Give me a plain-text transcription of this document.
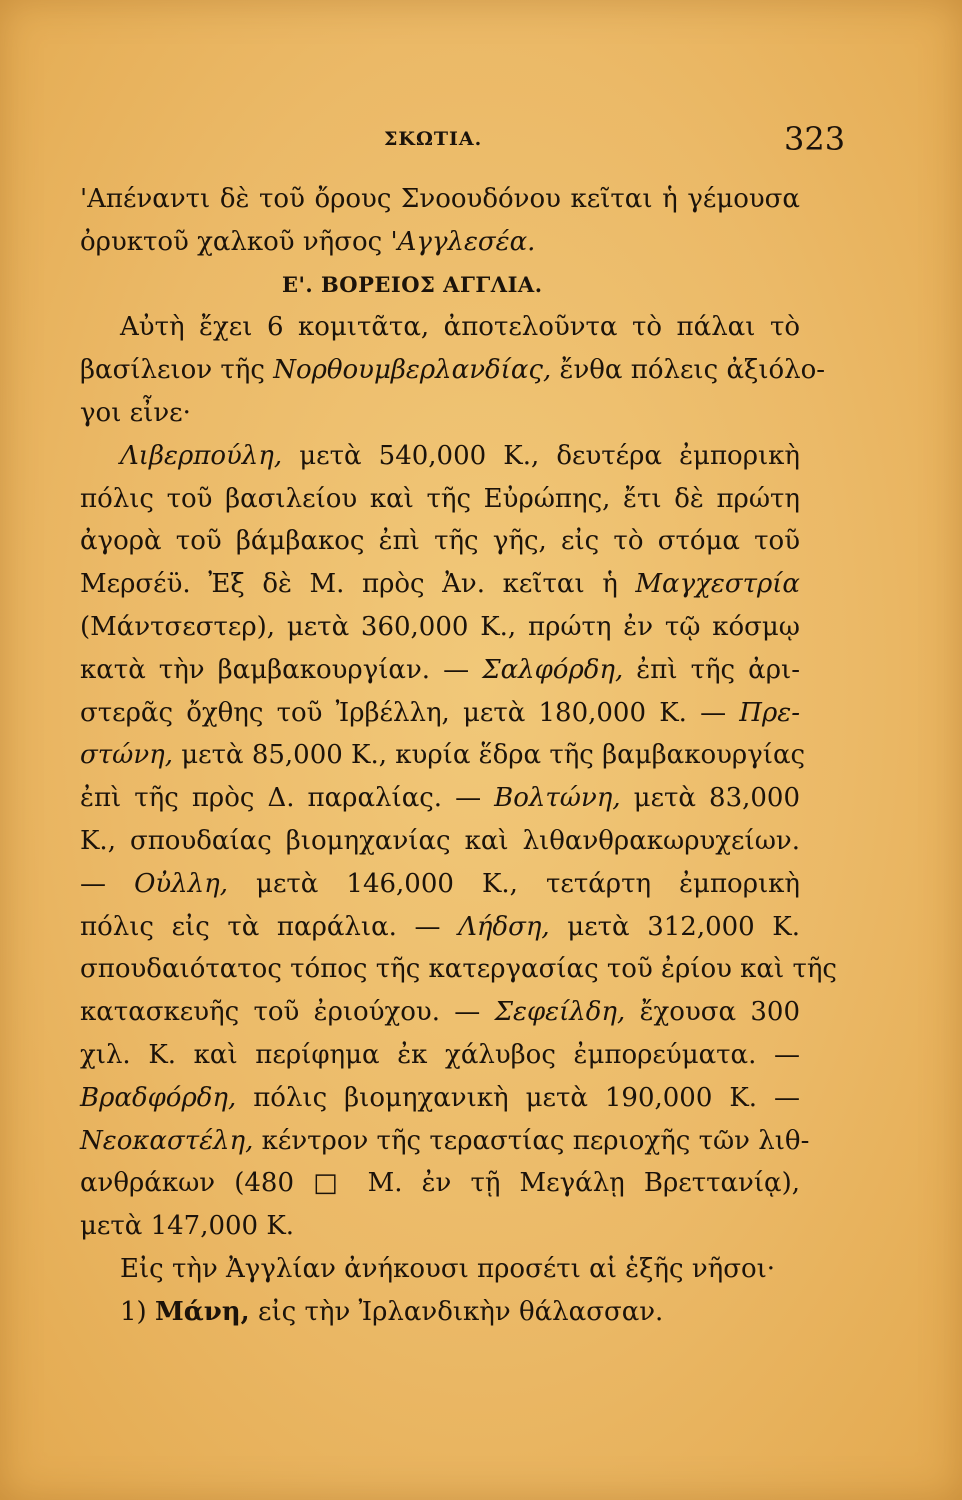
ΣΚΩΤΙΑ.	323
'Απέναντι δὲ τοῦ ὄρους Σνοουδόνου κεῖται ἡ γέμουσα
ὀρυκτοῦ χαλκοῦ νῆσος 'Αγγλεσέα.
Ε'. ΒΟΡΕΙΟΣ ΑΓΓΛΙΑ.
Αὐτὴ ἔχει 6 κομιτᾶτα, ἀποτελοῦντα τὸ πάλαι τὸ
βασίλειον τῆς Νορθουμβερλανδίας, ἔνθα πόλεις ἀξιόλο-
γοι εἶνε·
Λιβερπούλη, μετὰ 540,000 Κ., δευτέρα ἐμπορικὴ
πόλις τοῦ βασιλείου καὶ τῆς Εὐρώπης, ἔτι δὲ πρώτη
ἀγορὰ τοῦ βάμβακος ἐπὶ τῆς γῆς, εἰς τὸ στόμα τοῦ
Μερσέϋ. Ἐξ δὲ Μ. πρὸς Ἀν. κεῖται ἡ Μαγχεστρία
(Μάντσεστερ), μετὰ 360,000 Κ., πρώτη ἐν τῷ κόσμῳ
κατὰ τὴν βαμβακουργίαν. — Σαλφόρδη, ἐπὶ τῆς ἀρι-
στερᾶς ὄχθης τοῦ Ἰρβέλλη, μετὰ 180,000 Κ. — Πρε-
στώνη, μετὰ 85,000 Κ., κυρία ἕδρα τῆς βαμβακουργίας
ἐπὶ τῆς πρὸς Δ. παραλίας. — Βολτώνη, μετὰ 83,000
Κ., σπουδαίας βιομηχανίας καὶ λιθανθρακωρυχείων.
— Οὐλλη, μετὰ 146,000 Κ., τετάρτη ἐμπορικὴ
πόλις εἰς τὰ παράλια. — Λήδση, μετὰ 312,000 Κ.
σπουδαιότατος τόπος τῆς κατεργασίας τοῦ ἐρίου καὶ τῆς
κατασκευῆς τοῦ ἐριούχου. — Σεφείλδη, ἔχουσα 300
χιλ. Κ. καὶ περίφημα ἐκ χάλυβος ἐμπορεύματα. —
Βραδφόρδη, πόλις βιομηχανικὴ μετὰ 190,000 Κ. —
Νεοκαστέλη, κέντρον τῆς τεραστίας περιοχῆς τῶν λιθ-
ανθράκων (480 □ Μ. ἐν τῇ Μεγάλῃ Βρεττανίᾳ),
μετὰ 147,000 Κ.
Εἰς τὴν Ἀγγλίαν ἀνήκουσι προσέτι αἱ ἑξῆς νῆσοι·
1) Μάνη, εἰς τὴν Ἰρλανδικὴν θάλασσαν.
